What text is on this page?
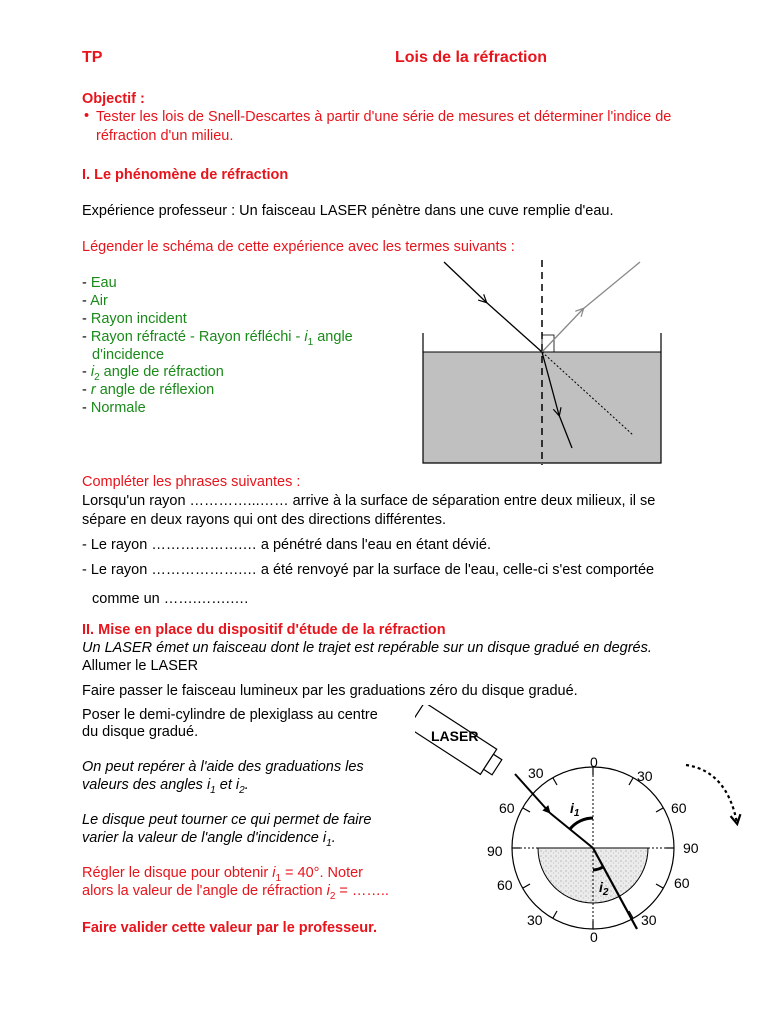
TP	Lois de la réfraction
Objectif :
• Tester les lois de Snell-Descartes à partir d'une série de mesures et déterminer l'indice de
réfraction d'un milieu.
I. Le phénomène de réfraction
Expérience professeur : Un faisceau LASER pénètre dans une cuve remplie d'eau.
Légender le schéma de cette expérience avec les termes suivants :
- Eau
- Air
- Rayon incident
- Rayon réfracté - Rayon réfléchi - $i_1$ angle
d'incidence
- $i_2$ angle de réfraction
- r angle de réflexion
- Normale
Compléter les phrases suivantes :
Lorsqu'un rayon …………...…… arrive à la surface de séparation entre deux milieux, il se
sépare en deux rayons qui ont des directions différentes.
- Le rayon ……………….… a pénétré dans l'eau en étant dévié.
- Le rayon ……………….… a été renvoyé par la surface de l'eau, celle-ci s'est comportée
comme un …….…….….
II. Mise en place du dispositif d'étude de la réfraction
Un LASER émet un faisceau dont le trajet est repérable sur un disque gradué en degrés.
Allumer le LASER
Faire passer le faisceau lumineux par les graduations zéro du disque gradué.
Poser le demi-cylindre de plexiglass au centre
du disque gradué.
On peut repérer à l'aide des graduations les
valeurs des angles $i_1$ et $i_2$.
Le disque peut tourner ce qui permet de faire
varier la valeur de l'angle d'incidence $i_1$.
Régler le disque pour obtenir $i_1 = 40^\circ$. Noter
alors la valeur de l'angle de réfraction $i_2$ = ……..
Faire valider cette valeur par le professeur.
LASER
$i_1$
$i_2$
0
30	30
60	60
90	90
60	60
30	30
0
